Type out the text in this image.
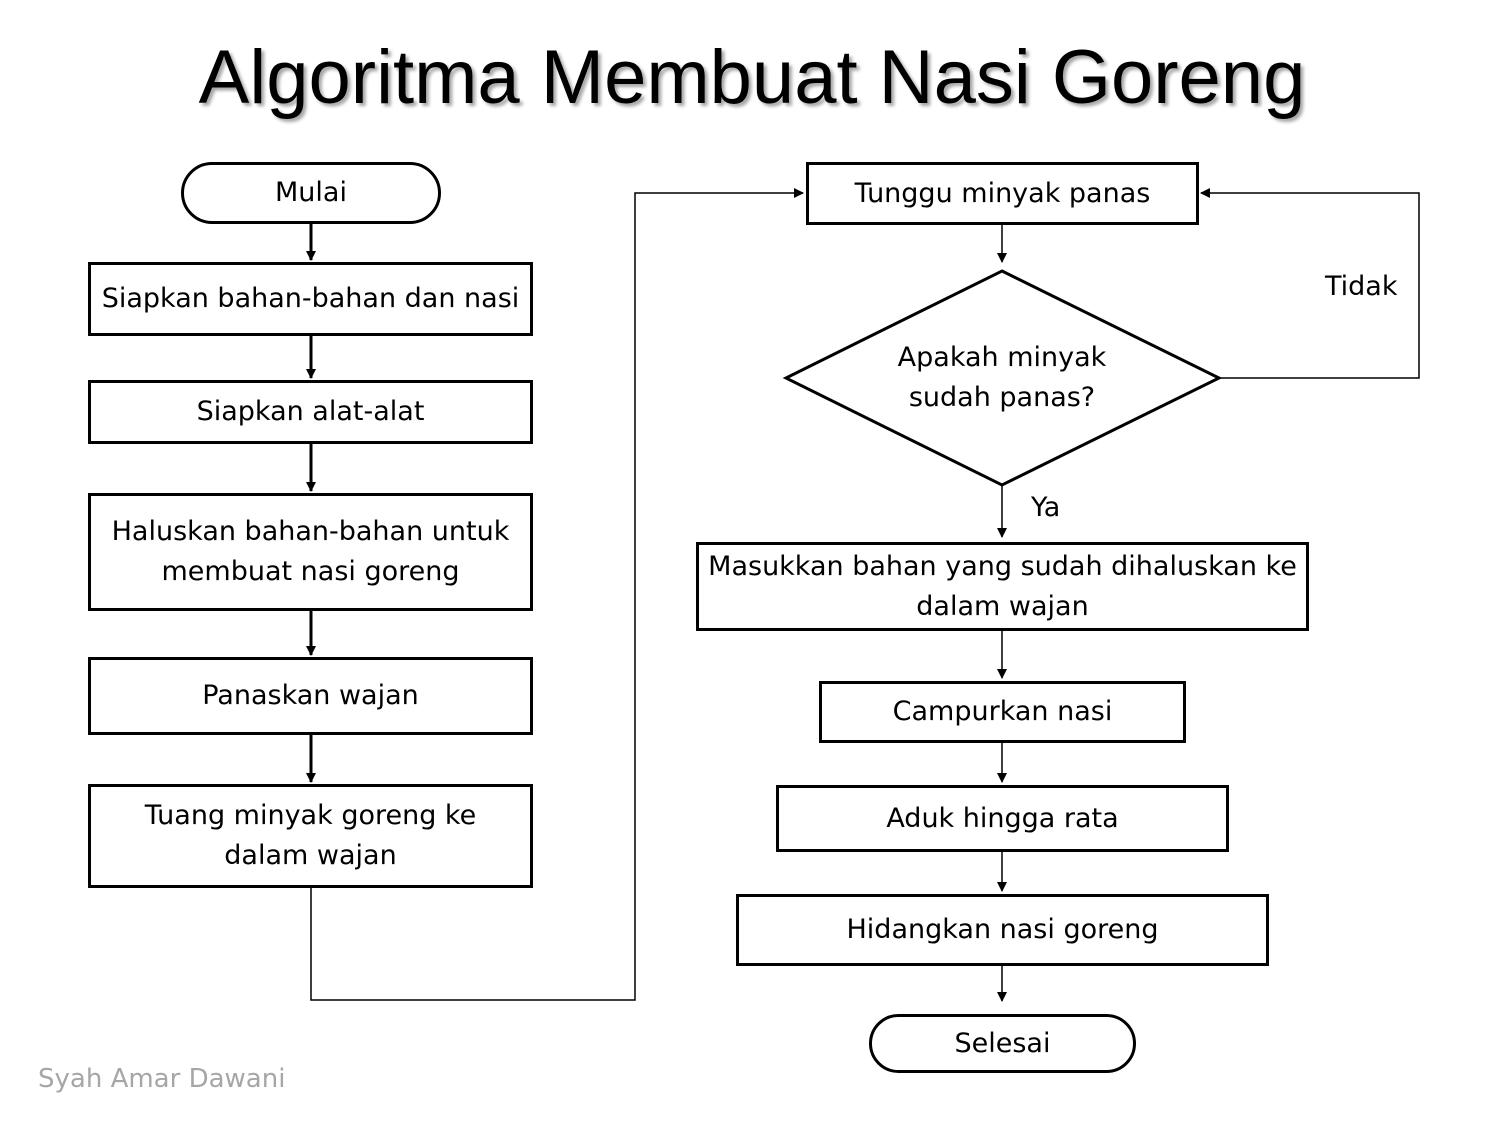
Algoritma Membuat Nasi Goreng
Mulai
Siapkan bahan-bahan dan nasi
Siapkan alat-alat
Haluskan bahan-bahan untuk membuat nasi goreng
Panaskan wajan
Tuang minyak goreng ke dalam wajan
Tunggu minyak panas
Apakah minyak sudah panas?
Masukkan bahan yang sudah dihaluskan ke dalam wajan
Campurkan nasi
Aduk hingga rata
Hidangkan nasi goreng
Selesai
Tidak
Ya
Syah Amar Dawani
